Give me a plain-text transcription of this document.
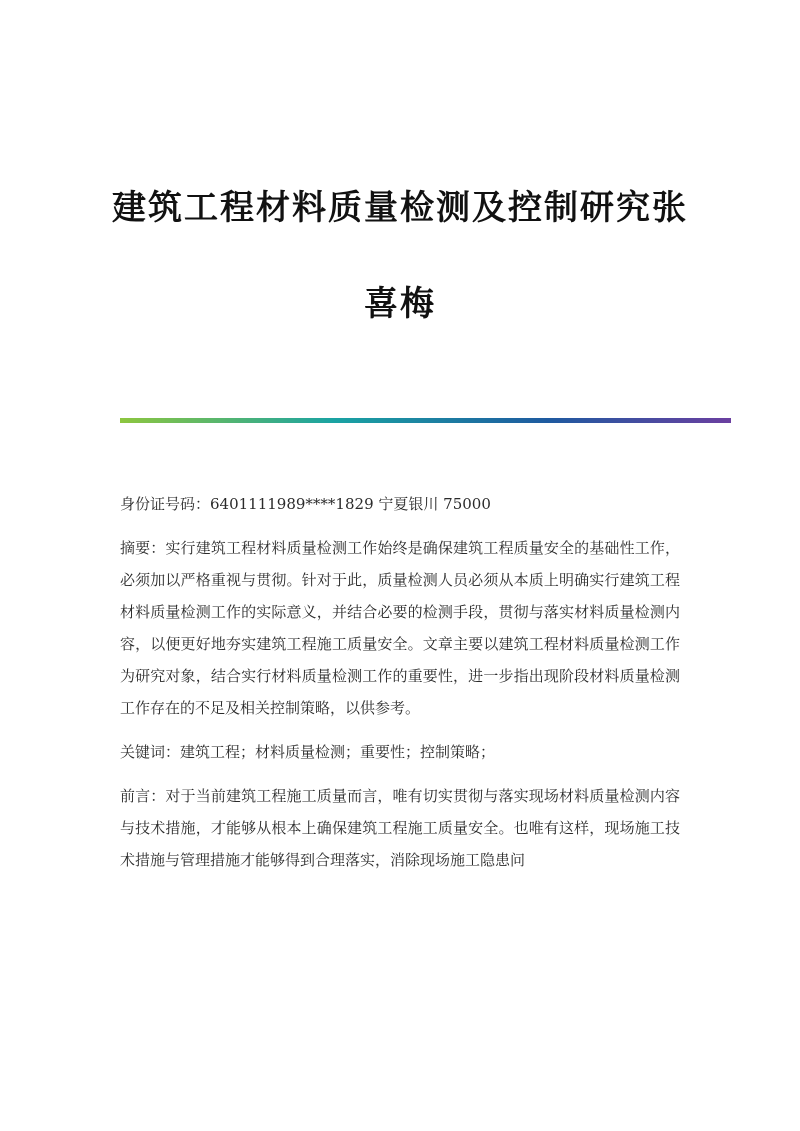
建筑工程材料质量检测及控制研究张喜梅

身份证号码：6401111989****1829 宁夏银川 75000

摘要：实行建筑工程材料质量检测工作始终是确保建筑工程质量安全的基础性工作，必须加以严格重视与贯彻。针对于此，质量检测人员必须从本质上明确实行建筑工程材料质量检测工作的实际意义，并结合必要的检测手段，贯彻与落实材料质量检测内容，以便更好地夯实建筑工程施工质量安全。文章主要以建筑工程材料质量检测工作为研究对象，结合实行材料质量检测工作的重要性，进一步指出现阶段材料质量检测工作存在的不足及相关控制策略，以供参考。

关键词：建筑工程；材料质量检测；重要性；控制策略；

前言：对于当前建筑工程施工质量而言，唯有切实贯彻与落实现场材料质量检测内容与技术措施，才能够从根本上确保建筑工程施工质量安全。也唯有这样，现场施工技术措施与管理措施才能够得到合理落实，消除现场施工隐患问
